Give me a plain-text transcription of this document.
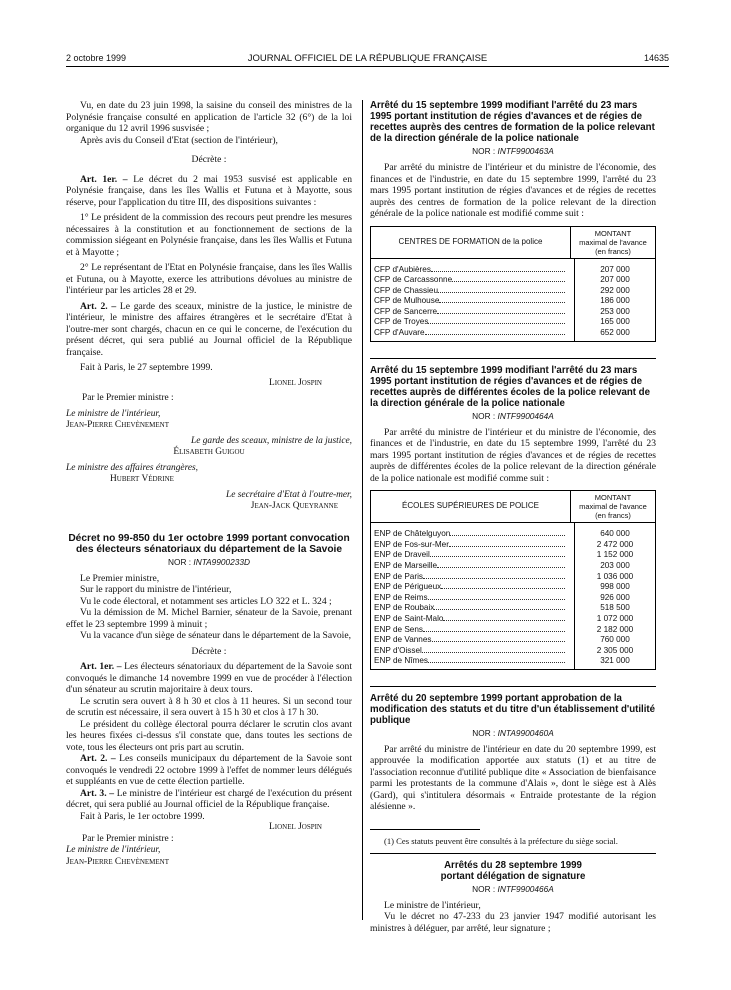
2 octobre 1999	JOURNAL OFFICIEL DE LA RÉPUBLIQUE FRANÇAISE	14635

Vu, en date du 23 juin 1998, la saisine du conseil des ministres de la Polynésie française consulté en application de l'article 32 (6°) de la loi organique du 12 avril 1996 susvisée ;

Après avis du Conseil d'Etat (section de l'intérieur),

Décrète :

Art. 1er. – Le décret du 2 mai 1953 susvisé est applicable en Polynésie française, dans les îles Wallis et Futuna et à Mayotte, sous réserve, pour l'application du titre III, des dispositions suivantes :

1° Le président de la commission des recours peut prendre les mesures nécessaires à la constitution et au fonctionnement de sections de la commission siégeant en Polynésie française, dans les îles Wallis et Futuna et à Mayotte ;

2° Le représentant de l'Etat en Polynésie française, dans les îles Wallis et Futuna, ou à Mayotte, exerce les attributions dévolues au ministre de l'intérieur par les articles 28 et 29.

Art. 2. – Le garde des sceaux, ministre de la justice, le ministre de l'intérieur, le ministre des affaires étrangères et le secrétaire d'Etat à l'outre-mer sont chargés, chacun en ce qui le concerne, de l'exécution du présent décret, qui sera publié au Journal officiel de la République française.

Fait à Paris, le 27 septembre 1999.

Lionel Jospin
Par le Premier ministre :
Le ministre de l'intérieur,
Jean-Pierre Chevènement
Le garde des sceaux, ministre de la justice,
Élisabeth Guigou
Le ministre des affaires étrangères,
Hubert Védrine
Le secrétaire d'Etat à l'outre-mer,
Jean-Jack Queyranne
Décret no 99-850 du 1er octobre 1999 portant convocation des électeurs sénatoriaux du département de la Savoie
NOR : INTA9900233D

Le Premier ministre,

Sur le rapport du ministre de l'intérieur,

Vu le code électoral, et notamment ses articles LO 322 et L. 324 ;

Vu la démission de M. Michel Barnier, sénateur de la Savoie, prenant effet le 23 septembre 1999 à minuit ;

Vu la vacance d'un siège de sénateur dans le département de la Savoie,

Décrète :

Art. 1er. – Les électeurs sénatoriaux du département de la Savoie sont convoqués le dimanche 14 novembre 1999 en vue de procéder à l'élection d'un sénateur au scrutin majoritaire à deux tours.

Le scrutin sera ouvert à 8 h 30 et clos à 11 heures. Si un second tour de scrutin est nécessaire, il sera ouvert à 15 h 30 et clos à 17 h 30.

Le président du collège électoral pourra déclarer le scrutin clos avant les heures fixées ci-dessus s'il constate que, dans toutes les sections de vote, tous les électeurs ont pris part au scrutin.

Art. 2. – Les conseils municipaux du département de la Savoie sont convoqués le vendredi 22 octobre 1999 à l'effet de nommer leurs délégués et suppléants en vue de cette élection partielle.

Art. 3. – Le ministre de l'intérieur est chargé de l'exécution du présent décret, qui sera publié au Journal officiel de la République française.

Fait à Paris, le 1er octobre 1999.

Lionel Jospin
Par le Premier ministre :
Le ministre de l'intérieur,
Jean-Pierre Chevènement
Arrêté du 15 septembre 1999 modifiant l'arrêté du 23 mars 1995 portant institution de régies d'avances et de régies de recettes auprès des centres de formation de la police relevant de la direction générale de la police nationale
NOR : INTF9900463A

Par arrêté du ministre de l'intérieur et du ministre de l'économie, des finances et de l'industrie, en date du 15 septembre 1999, l'arrêté du 23 mars 1995 portant institution de régies d'avances et de régies de recettes auprès des centres de formation de la police relevant de la direction générale de la police nationale est modifié comme suit :

CENTRES DE FORMATION de la police
MONTANT
maximal de l'avance (en francs)
CFP d'Aubières
CFP de Carcassonne
CFP de Chassieu
CFP de Mulhouse
CFP de Sancerre
CFP de Troyes
CFP d'Auvare
207 000
207 000
292 000
186 000
253 000
165 000
652 000
Arrêté du 15 septembre 1999 modifiant l'arrêté du 23 mars 1995 portant institution de régies d'avances et de régies de recettes auprès de différentes écoles de la police relevant de la direction générale de la police nationale
NOR : INTF9900464A

Par arrêté du ministre de l'intérieur et du ministre de l'économie, des finances et de l'industrie, en date du 15 septembre 1999, l'arrêté du 23 mars 1995 portant institution de régies d'avances et de régies de recettes auprès de différentes écoles de la police relevant de la direction générale de la police nationale est modifié comme suit :

ÉCOLES SUPÉRIEURES DE POLICE
MONTANT
maximal de l'avance (en francs)
ENP de Châtelguyon
ENP de Fos-sur-Mer
ENP de Draveil
ENP de Marseille
ENP de Paris
ENP de Périgueux
ENP de Reims
ENP de Roubaix
ENP de Saint-Malo
ENP de Sens
ENP de Vannes
ENP d'Oissel
ENP de Nîmes
640 000
2 472 000
1 152 000
203 000
1 036 000
998 000
926 000
518 500
1 072 000
2 182 000
760 000
2 305 000
321 000
Arrêté du 20 septembre 1999 portant approbation de la modification des statuts et du titre d'un établissement d'utilité publique
NOR : INTA9900460A

Par arrêté du ministre de l'intérieur en date du 20 septembre 1999, est approuvée la modification apportée aux statuts (1) et au titre de l'association reconnue d'utilité publique dite « Association de bienfaisance parmi les protestants de la commune d'Alais », dont le siège est à Alès (Gard), qui s'intitulera désormais « Entraide protestante de la région alésienne ».

(1) Ces statuts peuvent être consultés à la préfecture du siège social.
Arrêtés du 28 septembre 1999
portant délégation de signature
NOR : INTF9900466A

Le ministre de l'intérieur,

Vu le décret no 47-233 du 23 janvier 1947 modifié autorisant les ministres à déléguer, par arrêté, leur signature ;
